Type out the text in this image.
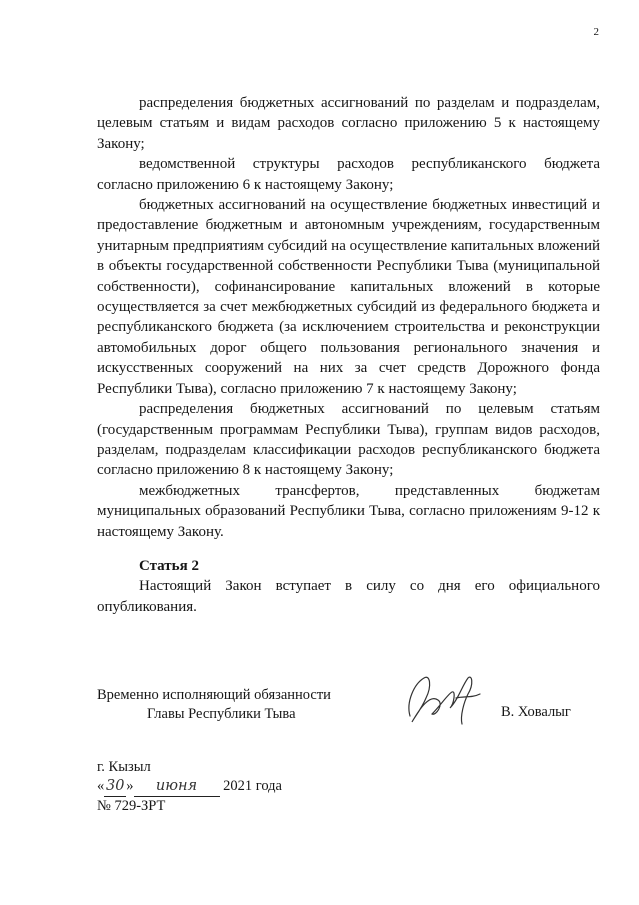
2

распределения бюджетных ассигнований по разделам и подразделам, целевым статьям и видам расходов согласно приложению 5 к настоящему Закону;

ведомственной структуры расходов республиканского бюджета согласно приложению 6 к настоящему Закону;

бюджетных ассигнований на осуществление бюджетных инвестиций и предоставление бюджетным и автономным учреждениям, государственным унитарным предприятиям субсидий на осуществление капитальных вложений в объекты государственной собственности Республики Тыва (муниципальной собственности), софинансирование капитальных вложений в которые осуществляется за счет межбюджетных субсидий из федерального бюджета и республиканского бюджета (за исключением строительства и реконструкции автомобильных дорог общего пользования регионального значения и искусственных сооружений на них за счет средств Дорожного фонда Республики Тыва), согласно приложению 7 к настоящему Закону;

распределения бюджетных ассигнований по целевым статьям (государственным программам Республики Тыва), группам видов расходов, разделам, подразделам классификации расходов республиканского бюджета согласно приложению 8 к настоящему Закону;

межбюджетных трансфертов, представленных бюджетам муниципальных образований Республики Тыва, согласно приложениям 9-12 к настоящему Закону.

Статья 2

Настоящий Закон вступает в силу со дня его официального опубликования.

Временно исполняющий обязанности
Главы Республики Тыва	В. Ховалыг
г. Кызыл
« 30 » июня 2021 года
№ 729-ЗРТ
